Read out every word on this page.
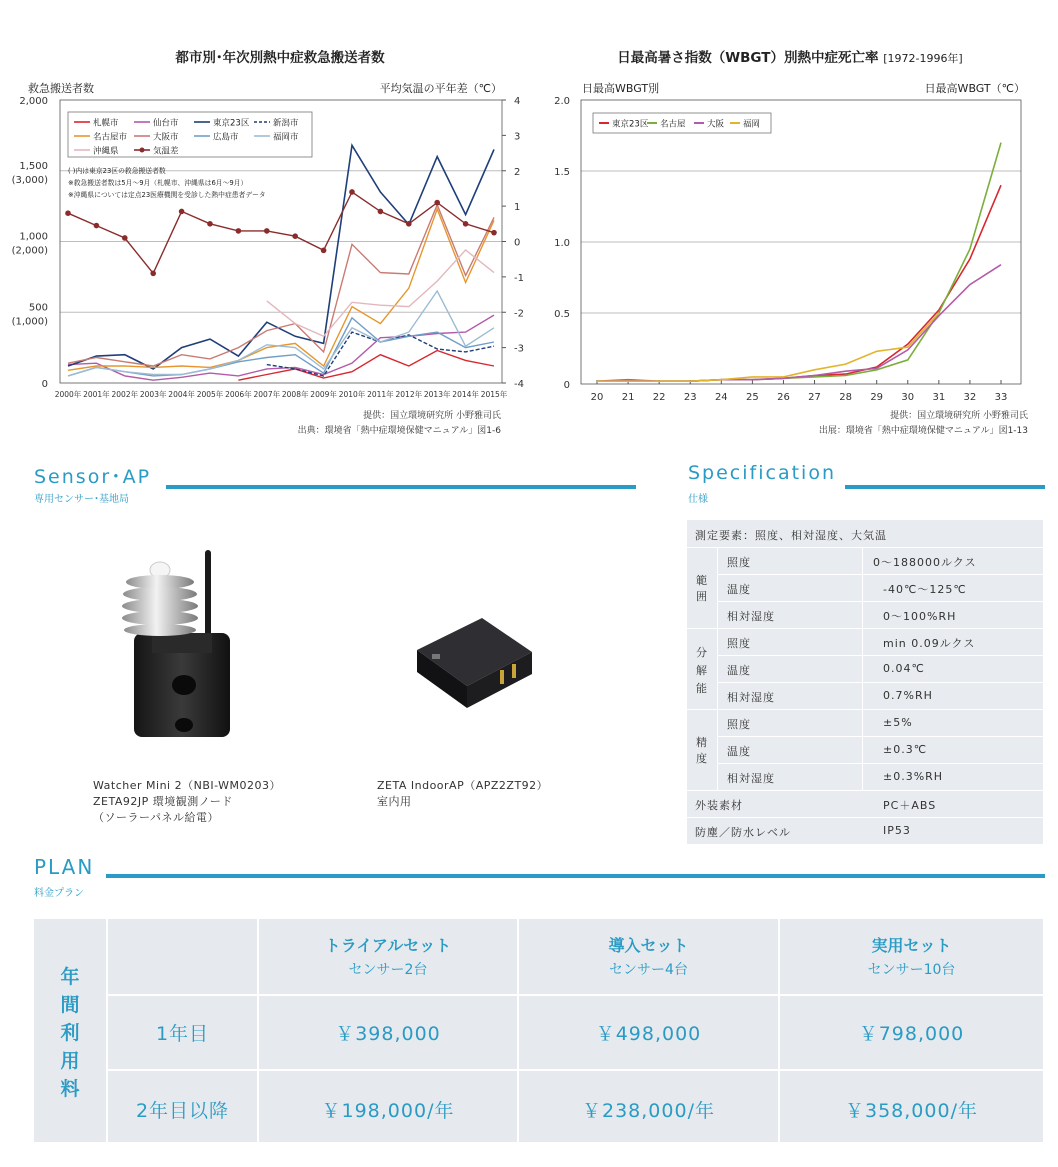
都市別･年次別熱中症救急搬送者数
救急搬送者数	平均気温の平年差（℃）
0
500
1,000
1,500
2,000
(1,000)
(2,000)
(3,000)
-4
-3
-2
-1
0
1
2
3
4
2000年 2001年 2002年 2003年 2004年 2005年 2006年 2007年 2008年 2009年 2010年 2011年 2012年 2013年 2014年 2015年
札幌市	仙台市	東京23区	新潟市
名古屋市	大阪市	広島市	福岡市
沖縄県	気温差
( )内は東京23区の救急搬送者数
※救急搬送者数は5月〜9月（札幌市、沖縄県は6月〜9月）
※沖縄県については定点23医療機関を受診した熱中症患者データ
提供：国立環境研究所 小野雅司氏
出典：環境省「熱中症環境保健マニュアル」図1-6
日最高暑さ指数（WBGT）別熱中症死亡率 [1972-1996年]
日最高WBGT別	日最高WBGT（℃）
0
0.5
1.0
1.5
2.0
20 21 22 23 24 25 26 27 28 29 30 31 32 33
東京23区 名古屋	大阪 福岡
提供：国立環境研究所 小野雅司氏
出展：環境省「熱中症環境保健マニュアル」図1-13
Sensor･AP
専用センサー･基地局
Watcher Mini 2（NBI-WM0203）
ZETA92JP 環境観測ノード
（ソーラーパネル給電）
ZETA IndoorAP（APZ2ZT92）
室内用
Specification
仕様
測定要素：照度、相対湿度、大気温
範
囲
照度	0〜188000ルクス
温度	-40℃〜125℃
相対湿度	0〜100%RH
分
解
能
照度	min 0.09ルクス
温度	0.04℃
相対湿度	0.7%RH
精
度
照度	±5%
温度	±0.3℃
相対湿度	±0.3%RH
外装素材	PC＋ABS
防塵／防水レベル	IP53
PLAN
料金プラン
年
間
利
用
料
トライアルセット
センサー2台
導入セット
センサー4台
実用セット
センサー10台
1年目	￥398,000	￥498,000	￥798,000
2年目以降	￥198,000/年	￥238,000/年	￥358,000/年
